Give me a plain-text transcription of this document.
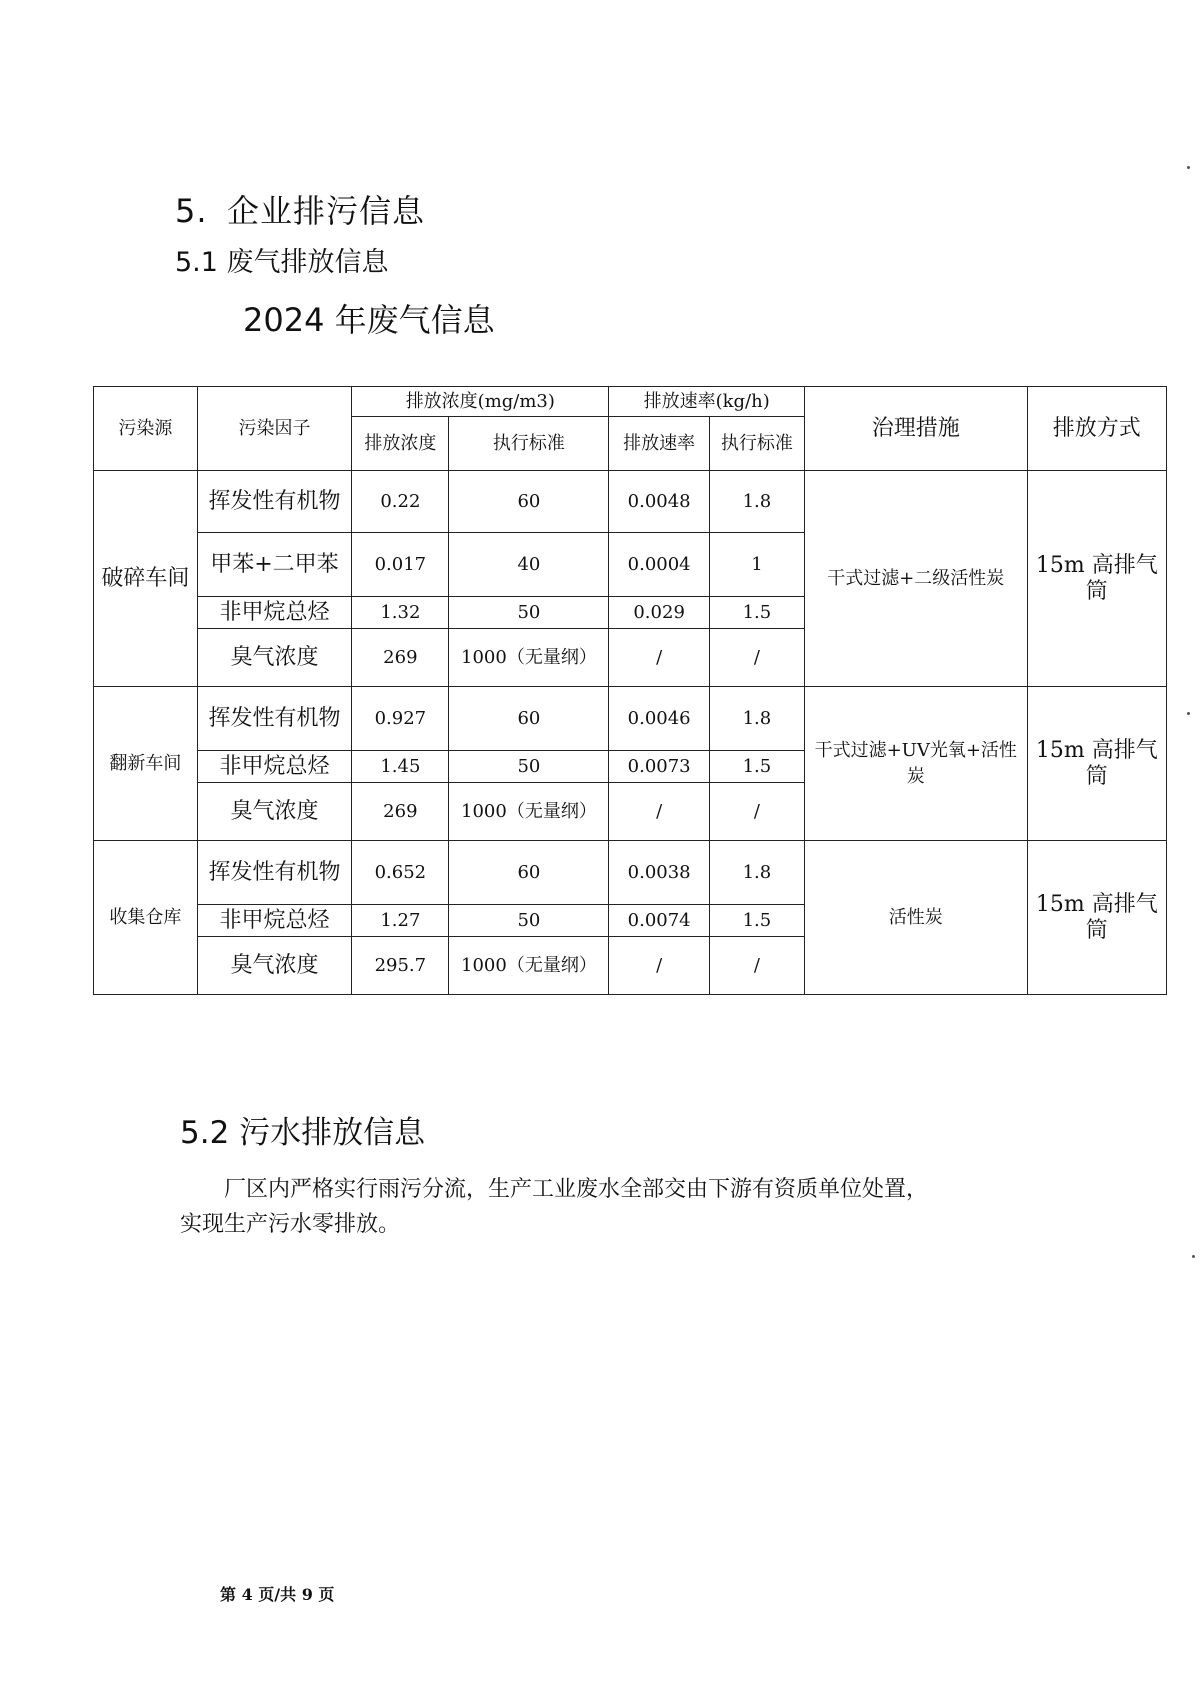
5. 企业排污信息
5.1 废气排放信息
2024 年废气信息
污染源	污染因子	排放浓度(mg/m3)		排放速率(kg/h)		治理措施	排放方式
		排放浓度	执行标准	排放速率	执行标准		
破碎车间	挥发性有机物	0.22	60	0.0048	1.8	干式过滤+二级活性炭	15m 高排气筒
	甲苯+二甲苯	0.017	40	0.0004	1		
	非甲烷总烃	1.32	50	0.029	1.5		
	臭气浓度	269	1000（无量纲）	/	/		
翻新车间	挥发性有机物	0.927	60	0.0046	1.8	干式过滤+UV光氧+活性炭	15m 高排气筒
	非甲烷总烃	1.45	50	0.0073	1.5		
	臭气浓度	269	1000（无量纲）	/	/		
收集仓库	挥发性有机物	0.652	60	0.0038	1.8	活性炭	15m 高排气筒
	非甲烷总烃	1.27	50	0.0074	1.5		
	臭气浓度	295.7	1000（无量纲）	/	/		
5.2 污水排放信息
厂区内严格实行雨污分流，生产工业废水全部交由下游有资质单位处置，
实现生产污水零排放。
第 4 页/共 9 页
